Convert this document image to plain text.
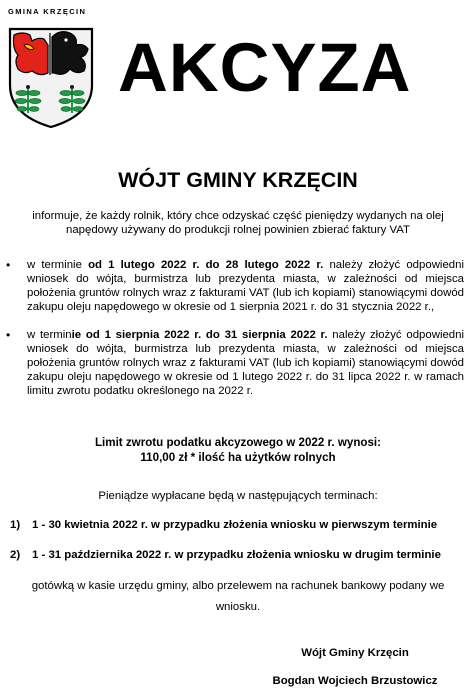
GMINA KRZĘCIN
AKCYZA
WÓJT GMINY KRZĘCIN
informuje, że każdy rolnik, który chce odzyskać część pieniędzy wydanych na olej napędowy używany do produkcji rolnej powinien zbierać faktury VAT
• w terminie od 1 lutego 2022 r. do 28 lutego 2022 r. należy złożyć odpowiedni wniosek do wójta, burmistrza lub prezydenta miasta, w zależności od miejsca położenia gruntów rolnych wraz z fakturami VAT (lub ich kopiami) stanowiącymi dowód zakupu oleju napędowego w okresie od 1 sierpnia 2021 r. do 31 stycznia 2022 r.,
• w terminie od 1 sierpnia 2022 r. do 31 sierpnia 2022 r. należy złożyć odpowiedni wniosek do wójta, burmistrza lub prezydenta miasta, w zależności od miejsca położenia gruntów rolnych wraz z fakturami VAT (lub ich kopiami) stanowiącymi dowód zakupu oleju napędowego w okresie od 1 lutego 2022 r. do 31 lipca 2022 r. w ramach limitu zwrotu podatku określonego na 2022 r.
Limit zwrotu podatku akcyzowego w 2022 r. wynosi:
110,00 zł * ilość ha użytków rolnych
Pieniądze wypłacane będą w następujących terminach:
1) 1 - 30 kwietnia 2022 r. w przypadku złożenia wniosku w pierwszym terminie
2) 1 - 31 października 2022 r. w przypadku złożenia wniosku w drugim terminie
gotówką w kasie urzędu gminy, albo przelewem na rachunek bankowy podany we wniosku.
Wójt Gminy Krzęcin
Bogdan Wojciech Brzustowicz
